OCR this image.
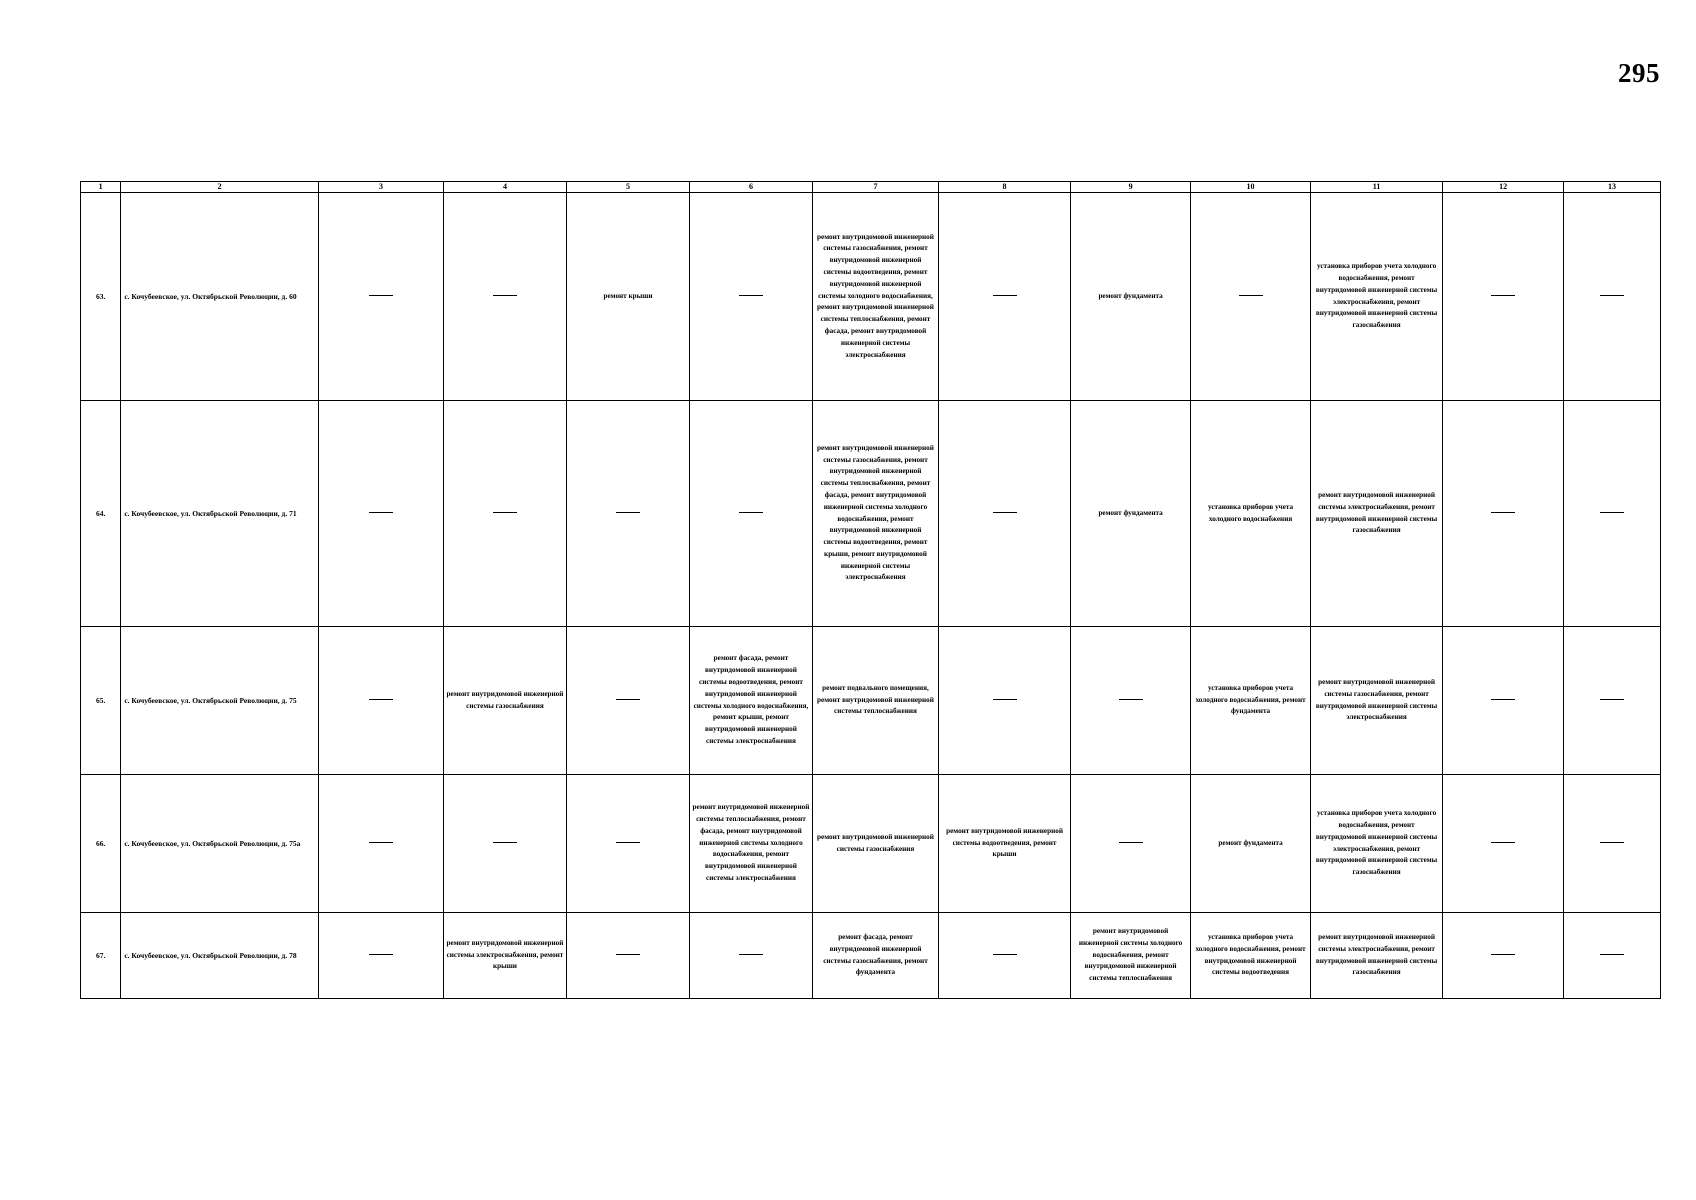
295
1	2	3	4	5	6	7	8	9	10	11	12	13
63.	с. Кочубеевское, ул. Октябрьской Революции, д. 60			ремонт крыши		ремонт внутридомовой инженерной системы газоснабжения, ремонт внутридомовой инженерной системы водоотведения, ремонт внутридомовой инженерной системы холодного водоснабжения, ремонт внутридомовой инженерной системы теплоснабжения, ремонт фасада, ремонт внутридомовой инженерной системы электроснабжения		ремонт фундамента		установка приборов учета холодного водоснабжения, ремонт внутридомовой инженерной системы электроснабжения, ремонт внутридомовой инженерной системы газоснабжения		
64.	с. Кочубеевское, ул. Октябрьской Революции, д. 71					ремонт внутридомовой инженерной системы газоснабжения, ремонт внутридомовой инженерной системы теплоснабжения, ремонт фасада, ремонт внутридомовой инженерной системы холодного водоснабжения, ремонт внутридомовой инженерной системы водоотведения, ремонт крыши, ремонт внутридомовой инженерной системы электроснабжения		ремонт фундамента	установка приборов учета холодного водоснабжения	ремонт внутридомовой инженерной системы электроснабжения, ремонт внутридомовой инженерной системы газоснабжения		
65.	с. Кочубеевское, ул. Октябрьской Революции, д. 75		ремонт внутридомовой инженерной системы газоснабжения		ремонт фасада, ремонт внутридомовой инженерной системы водоотведения, ремонт внутридомовой инженерной системы холодного водоснабжения, ремонт крыши, ремонт внутридомовой инженерной системы электроснабжения	ремонт подвального помещения, ремонт внутридомовой инженерной системы теплоснабжения			установка приборов учета холодного водоснабжения, ремонт фундамента	ремонт внутридомовой инженерной системы газоснабжения, ремонт внутридомовой инженерной системы электроснабжения		
66.	с. Кочубеевское, ул. Октябрьской Революции, д. 75а				ремонт внутридомовой инженерной системы теплоснабжения, ремонт фасада, ремонт внутридомовой инженерной системы холодного водоснабжения, ремонт внутридомовой инженерной системы электроснабжения	ремонт внутридомовой инженерной системы газоснабжения	ремонт внутридомовой инженерной системы водоотведения, ремонт крыши		ремонт фундамента	установка приборов учета холодного водоснабжения, ремонт внутридомовой инженерной системы электроснабжения, ремонт внутридомовой инженерной системы газоснабжения		
67.	с. Кочубеевское, ул. Октябрьской Революции, д. 78		ремонт внутридомовой инженерной системы электроснабжения, ремонт крыши			ремонт фасада, ремонт внутридомовой инженерной системы газоснабжения, ремонт фундамента		ремонт внутридомовой инженерной системы холодного водоснабжения, ремонт внутридомовой инженерной системы теплоснабжения	установка приборов учета холодного водоснабжения, ремонт внутридомовой инженерной системы водоотведения	ремонт внутридомовой инженерной системы электроснабжения, ремонт внутридомовой инженерной системы газоснабжения		
